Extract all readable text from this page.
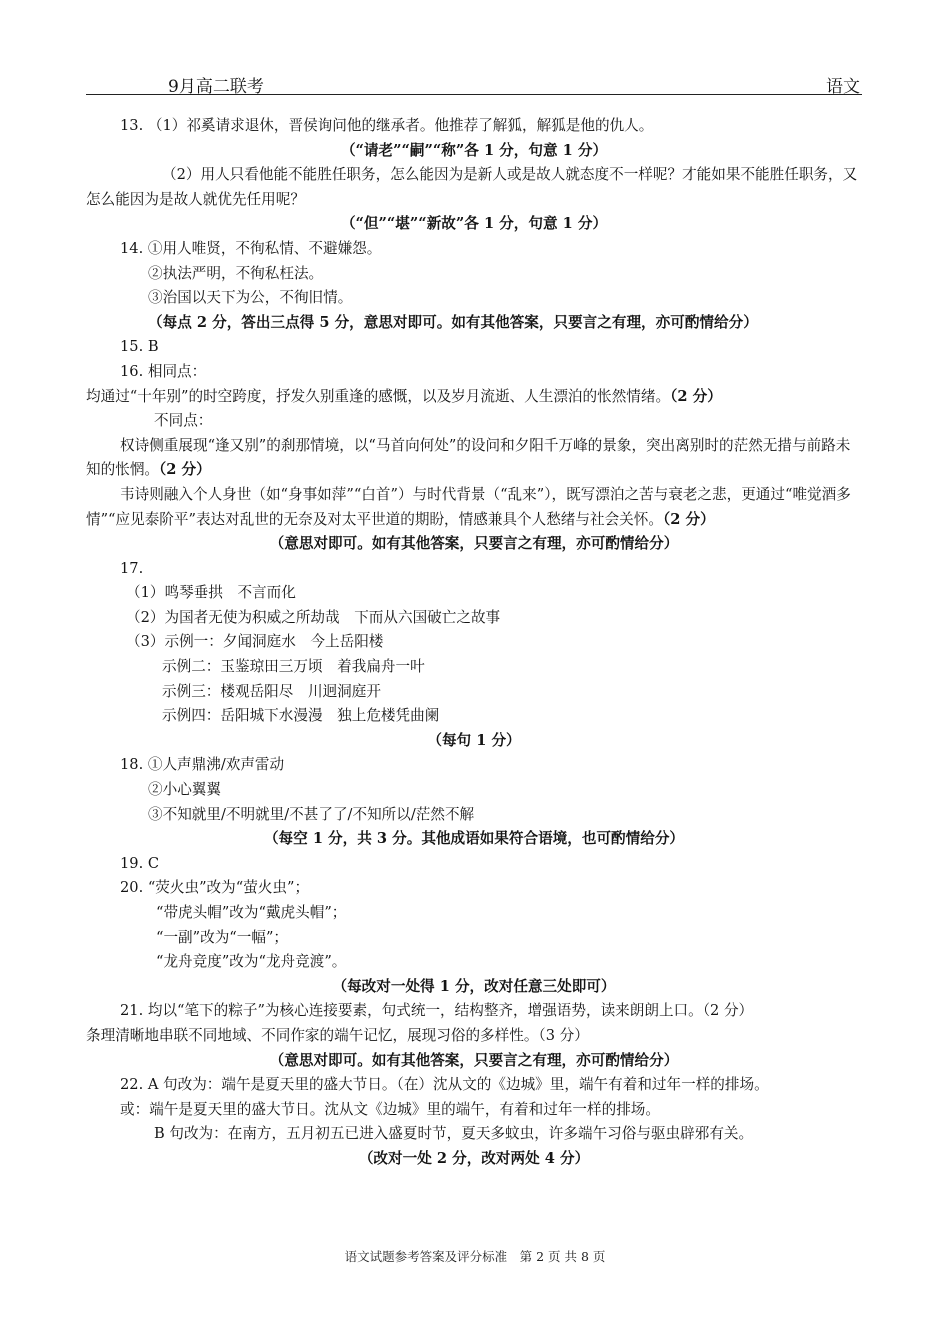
9月高二联考	语文
13. （1）祁奚请求退休，晋侯询问他的继承者。他推荐了解狐，解狐是他的仇人。
（“请老”“嗣”“称”各 1 分，句意 1 分）
（2）用人只看他能不能胜任职务，怎么能因为是新人或是故人就态度不一样呢？才能如果不能胜任职务，又怎么能因为是故人就优先任用呢？
（“但”“堪”“新故”各 1 分，句意 1 分）
14. ①用人唯贤，不徇私情、不避嫌怨。
②执法严明，不徇私枉法。
③治国以天下为公，不徇旧情。
（每点 2 分，答出三点得 5 分，意思对即可。如有其他答案，只要言之有理，亦可酌情给分）
15. B
16. 相同点：
均通过“十年别”的时空跨度，抒发久别重逢的感慨，以及岁月流逝、人生漂泊的怅然情绪。（2 分）
不同点：
权诗侧重展现“逢又别”的刹那情境，以“马首向何处”的设问和夕阳千万峰的景象，突出离别时的茫然无措与前路未知的怅惘。（2 分）
韦诗则融入个人身世（如“身事如萍”“白首”）与时代背景（“乱来”），既写漂泊之苦与衰老之悲，更通过“唯觉酒多情”“应见泰阶平”表达对乱世的无奈及对太平世道的期盼，情感兼具个人愁绪与社会关怀。（2 分）
（意思对即可。如有其他答案，只要言之有理，亦可酌情给分）
17.
（1）鸣琴垂拱　不言而化
（2）为国者无使为积威之所劫哉　下而从六国破亡之故事
（3）示例一：夕闻洞庭水　今上岳阳楼
示例二：玉鉴琼田三万顷　着我扁舟一叶
示例三：楼观岳阳尽　川迥洞庭开
示例四：岳阳城下水漫漫　独上危楼凭曲阑
（每句 1 分）
18. ①人声鼎沸/欢声雷动
②小心翼翼
③不知就里/不明就里/不甚了了/不知所以/茫然不解
（每空 1 分，共 3 分。其他成语如果符合语境，也可酌情给分）
19. C
20. “荧火虫”改为“萤火虫”；
“带虎头帽”改为“戴虎头帽”；
“一副”改为“一幅”；
“龙舟竞度”改为“龙舟竞渡”。
（每改对一处得 1 分，改对任意三处即可）
21. 均以“笔下的粽子”为核心连接要素，句式统一，结构整齐，增强语势，读来朗朗上口。（2 分）
条理清晰地串联不同地域、不同作家的端午记忆，展现习俗的多样性。（3 分）
（意思对即可。如有其他答案，只要言之有理，亦可酌情给分）
22. A 句改为：端午是夏天里的盛大节日。（在）沈从文的《边城》里，端午有着和过年一样的排场。
或：端午是夏天里的盛大节日。沈从文《边城》里的端午，有着和过年一样的排场。
B 句改为：在南方，五月初五已进入盛夏时节，夏天多蚊虫，许多端午习俗与驱虫辟邪有关。
（改对一处 2 分，改对两处 4 分）
语文试题参考答案及评分标准　第 2 页 共 8 页
